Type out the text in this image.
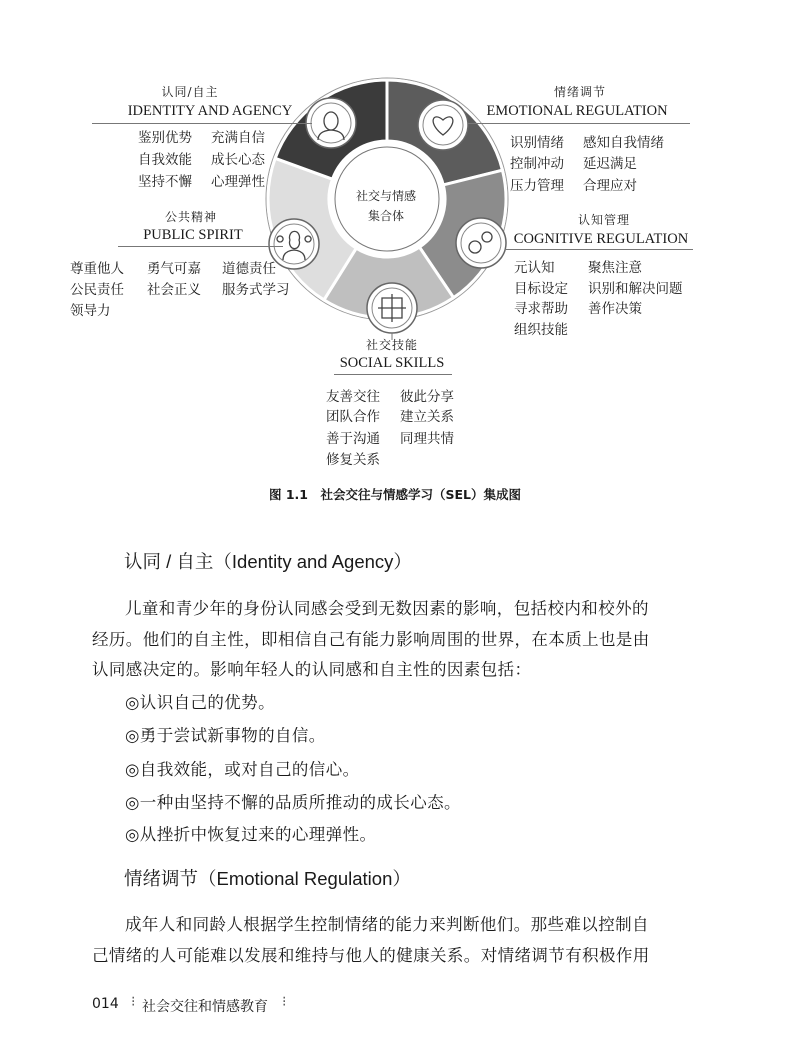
认同/自主
IDENTITY AND AGENCY
鉴别优势 充满自信
自我效能 成长心态
坚持不懈 心理弹性
情绪调节
EMOTIONAL REGULATION
识别情绪 感知自我情绪
控制冲动 延迟满足
压力管理 合理应对
公共精神
PUBLIC SPIRIT
尊重他人 勇气可嘉 道德责任
公民责任 社会正义 服务式学习
领导力
认知管理
COGNITIVE REGULATION
元认知 聚焦注意
目标设定 识别和解决问题
寻求帮助 善作决策
组织技能
社交技能
SOCIAL SKILLS
友善交往 彼此分享
团队合作 建立关系
善于沟通 同理共情
修复关系
社交与情感
集合体
图 1.1　社会交往与情感学习（SEL）集成图
认同 / 自主（Identity and Agency）
儿童和青少年的身份认同感会受到无数因素的影响，包括校内和校外的
经历。他们的自主性，即相信自己有能力影响周围的世界，在本质上也是由
认同感决定的。影响年轻人的认同感和自主性的因素包括：
◎认识自己的优势。
◎勇于尝试新事物的自信。
◎自我效能，或对自己的信心。
◎一种由坚持不懈的品质所推动的成长心态。
◎从挫折中恢复过来的心理弹性。
情绪调节（Emotional Regulation）
成年人和同龄人根据学生控制情绪的能力来判断他们。那些难以控制自
己情绪的人可能难以发展和维持与他人的健康关系。对情绪调节有积极作用
014 ⁝ 社会交往和情感教育 ⁝
